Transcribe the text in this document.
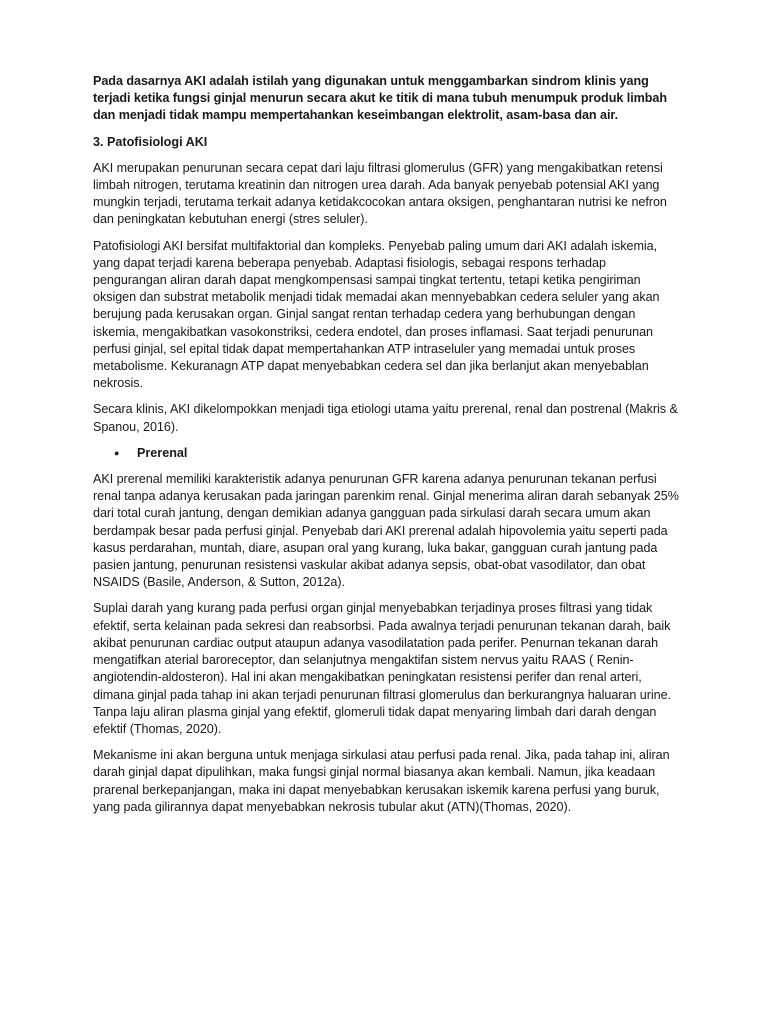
Pada dasarnya AKI adalah istilah yang digunakan untuk menggambarkan sindrom klinis yang terjadi ketika fungsi ginjal menurun secara akut ke titik di mana tubuh menumpuk produk limbah dan menjadi tidak mampu mempertahankan keseimbangan elektrolit, asam-basa dan air.

3. Patofisiologi AKI

AKI merupakan penurunan secara cepat dari laju filtrasi glomerulus (GFR) yang mengakibatkan retensi limbah nitrogen, terutama kreatinin dan nitrogen urea darah. Ada banyak penyebab potensial AKI yang mungkin terjadi, terutama terkait adanya ketidakcocokan antara oksigen, penghantaran nutrisi ke nefron dan peningkatan kebutuhan energi (stres seluler).

Patofisiologi AKI bersifat multifaktorial dan kompleks. Penyebab paling umum dari AKI adalah iskemia, yang dapat terjadi karena beberapa penyebab. Adaptasi fisiologis, sebagai respons terhadap pengurangan aliran darah dapat mengkompensasi sampai tingkat tertentu, tetapi ketika pengiriman oksigen dan substrat metabolik menjadi tidak memadai akan mennyebabkan cedera seluler yang akan berujung pada kerusakan organ. Ginjal sangat rentan terhadap cedera yang berhubungan dengan iskemia, mengakibatkan vasokonstriksi, cedera endotel, dan proses inflamasi. Saat terjadi penurunan perfusi ginjal, sel epital tidak dapat mempertahankan ATP intraseluler yang memadai untuk proses metabolisme. Kekuranagn ATP dapat menyebabkan cedera sel dan jika berlanjut akan menyebablan nekrosis.

Secara klinis, AKI dikelompokkan menjadi tiga etiologi utama yaitu prerenal, renal dan postrenal (Makris & Spanou, 2016).

●	Prerenal

AKI prerenal memiliki karakteristik adanya penurunan GFR karena adanya penurunan tekanan perfusi renal tanpa adanya kerusakan pada jaringan parenkim renal. Ginjal menerima aliran darah sebanyak 25% dari total curah jantung, dengan demikian adanya gangguan pada sirkulasi darah secara umum akan berdampak besar pada perfusi ginjal. Penyebab dari AKI prerenal adalah hipovolemia yaitu seperti pada kasus perdarahan, muntah, diare, asupan oral yang kurang, luka bakar, gangguan curah jantung pada pasien jantung, penurunan resistensi vaskular akibat adanya sepsis, obat-obat vasodilator, dan obat NSAIDS (Basile, Anderson, & Sutton, 2012a).

Suplai darah yang kurang pada perfusi organ ginjal menyebabkan terjadinya proses filtrasi yang tidak efektif, serta kelainan pada sekresi dan reabsorbsi. Pada awalnya terjadi penurunan tekanan darah, baik akibat penurunan cardiac output ataupun adanya vasodilatation pada perifer. Penurnan tekanan darah mengatifkan aterial baroreceptor, dan selanjutnya mengaktifan sistem nervus yaitu RAAS ( Renin-angiotendin-aldosteron). Hal ini akan mengakibatkan peningkatan resistensi perifer dan renal arteri, dimana ginjal pada tahap ini akan terjadi penurunan filtrasi glomerulus dan berkurangnya haluaran urine. Tanpa laju aliran plasma ginjal yang efektif, glomeruli tidak dapat menyaring limbah dari darah dengan efektif (Thomas, 2020).

Mekanisme ini akan berguna untuk menjaga sirkulasi atau perfusi pada renal. Jika, pada tahap ini, aliran darah ginjal dapat dipulihkan, maka fungsi ginjal normal biasanya akan kembali. Namun, jika keadaan prarenal berkepanjangan, maka ini dapat menyebabkan kerusakan iskemik karena perfusi yang buruk, yang pada gilirannya dapat menyebabkan nekrosis tubular akut (ATN)(Thomas, 2020).
